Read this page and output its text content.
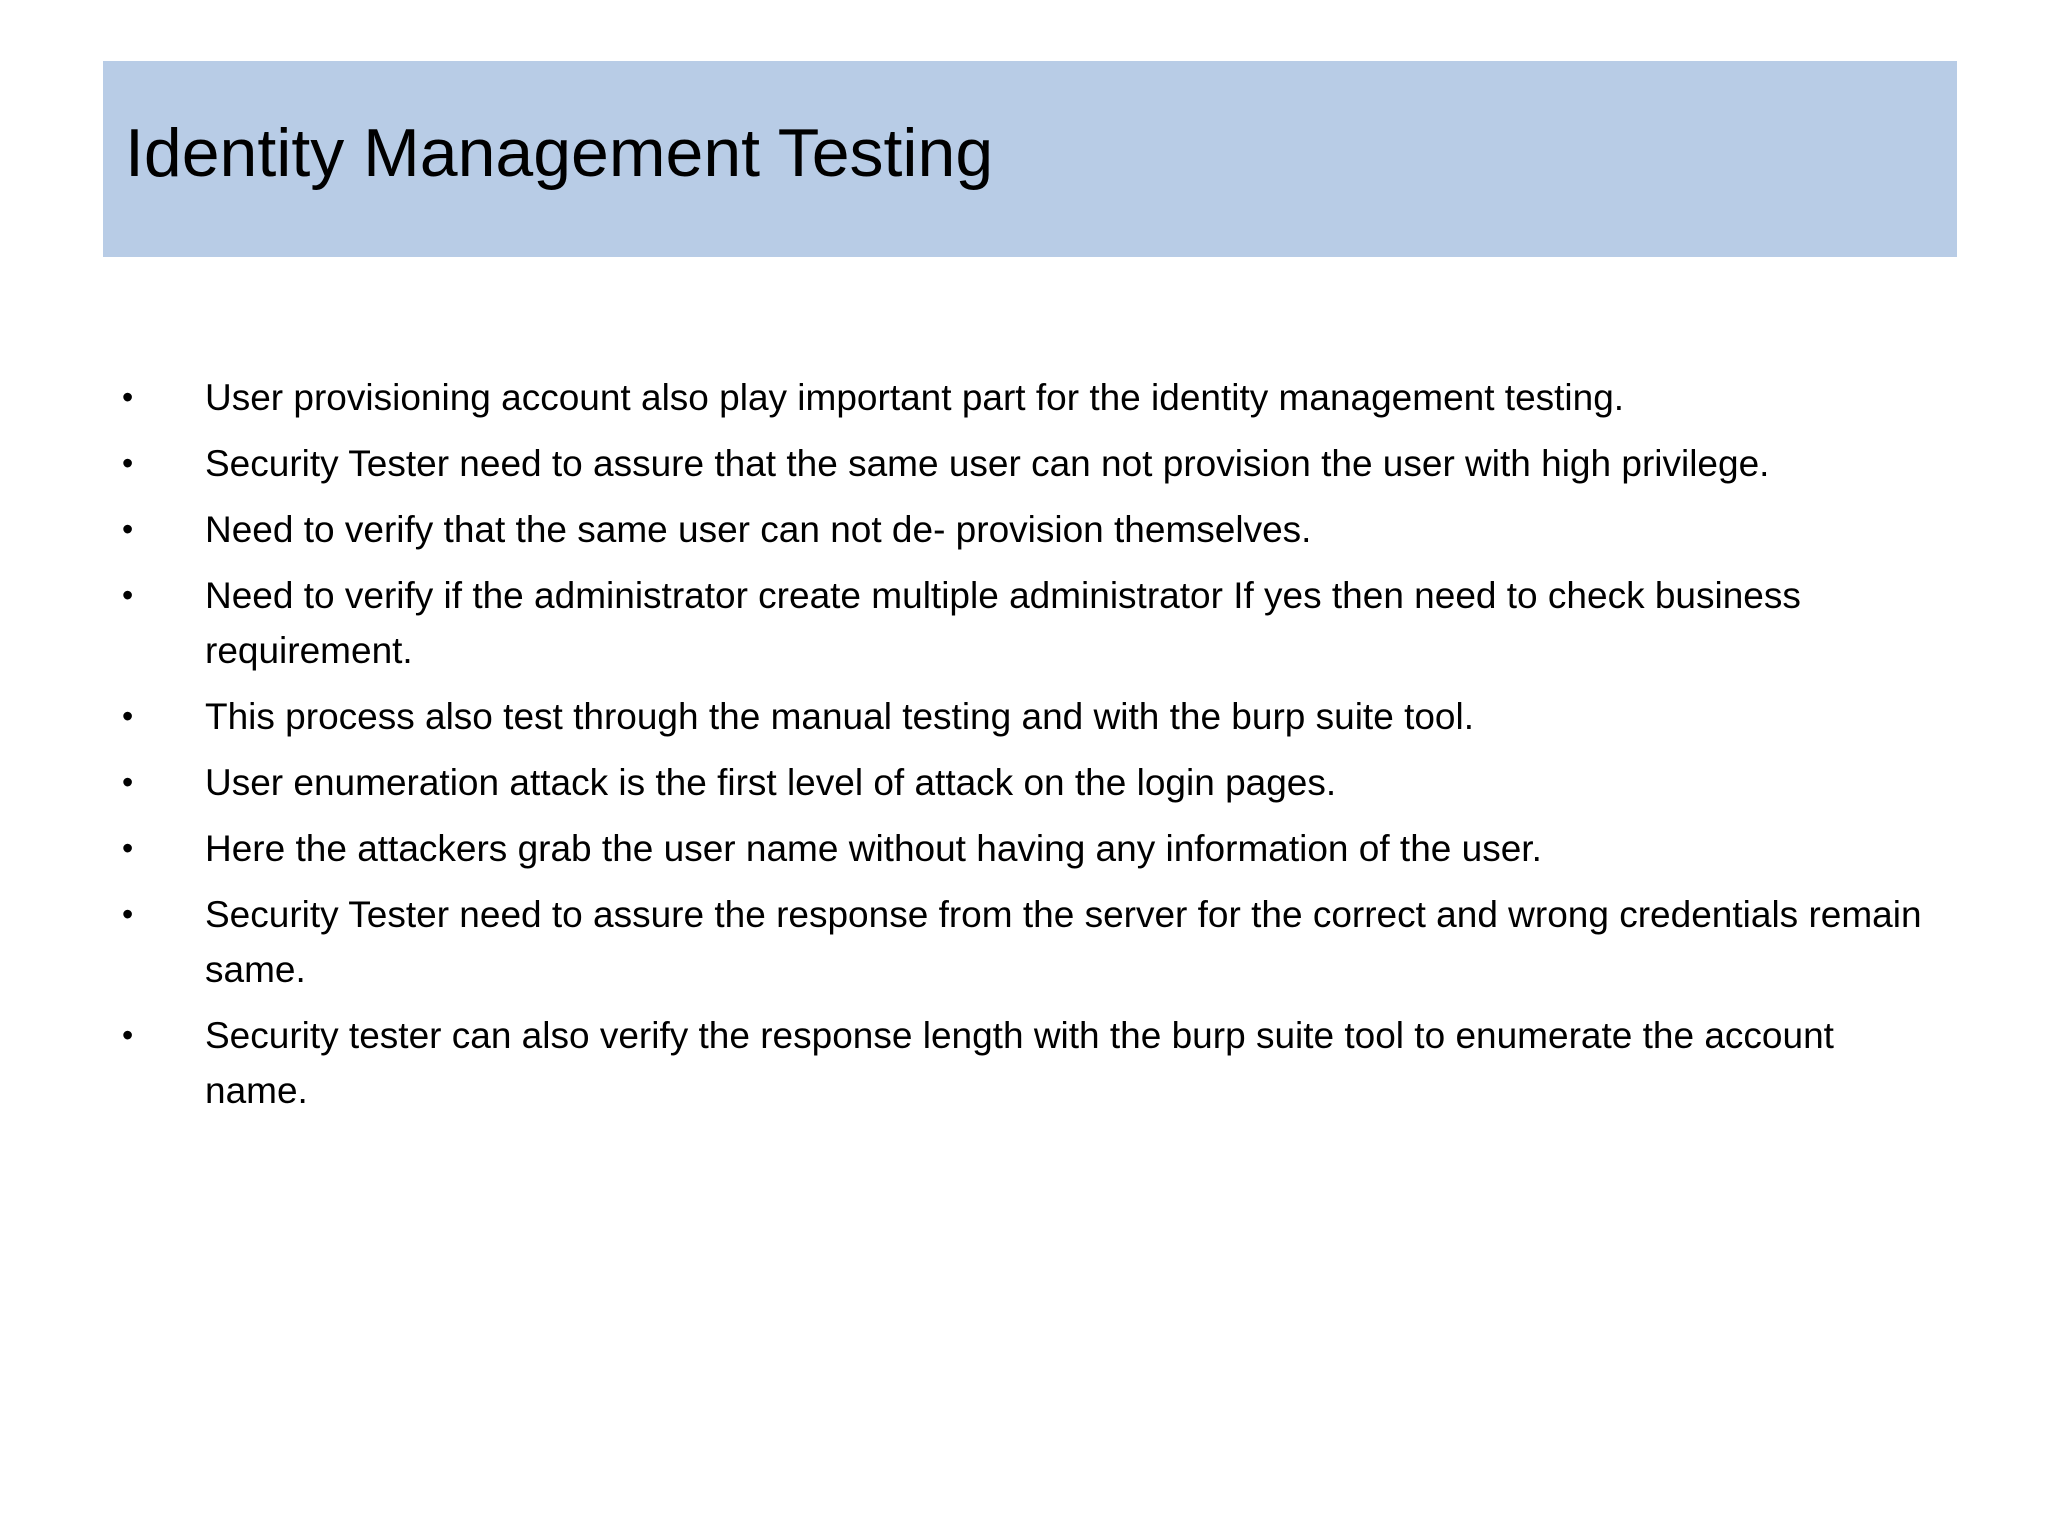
Identity Management Testing
•	User provisioning account also play important part for the identity management testing.
•	Security Tester need to assure that the same user can not provision the user with high privilege.
•	Need to verify that the same user can not de- provision themselves.
•	Need to verify if the administrator create multiple administrator If yes then need to check business requirement.
•	This process also test through the manual testing and with the burp suite tool.
•	User enumeration attack is the first level of attack on the login pages.
•	Here the attackers grab the user name without having any information of the user.
•	Security Tester need to assure the response from the server for the correct and wrong credentials remain same.
•	Security tester can also verify the response length with the burp suite tool to enumerate the account name.
